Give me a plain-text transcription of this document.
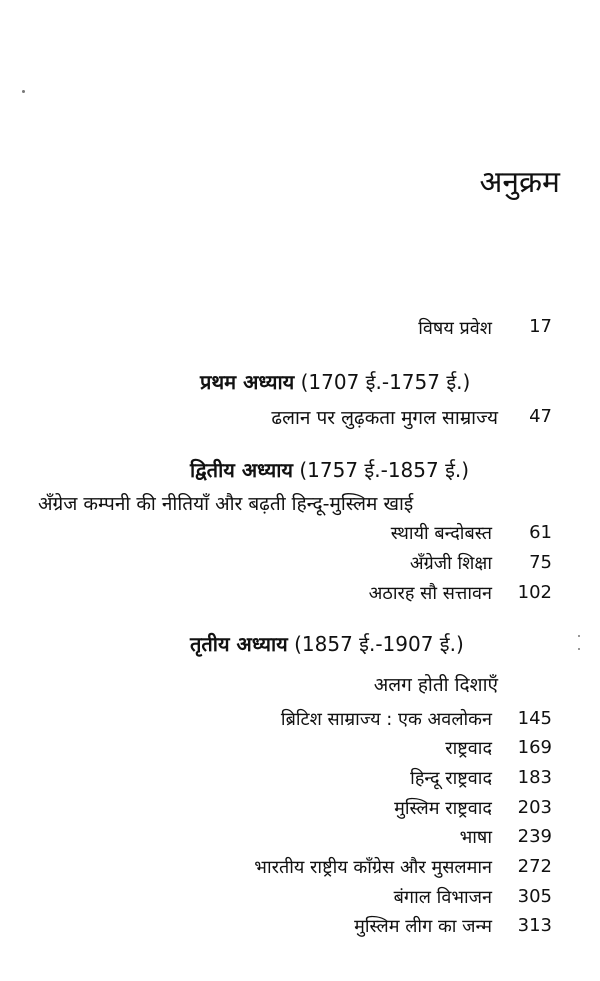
अनुक्रम
विषय प्रवेश	17
प्रथम अध्याय (1707 ई.-1757 ई.)
ढलान पर लुढ़कता मुगल साम्राज्य	47
द्वितीय अध्याय (1757 ई.-1857 ई.)
अँग्रेज कम्पनी की नीतियाँ और बढ़ती हिन्दू-मुस्लिम खाई
स्थायी बन्दोबस्त	61
अँग्रेजी शिक्षा	75
अठारह सौ सत्तावन	102
तृतीय अध्याय (1857 ई.-1907 ई.)
अलग होती दिशाएँ
ब्रिटिश साम्राज्य : एक अवलोकन	145
राष्ट्रवाद	169
हिन्दू राष्ट्रवाद	183
मुस्लिम राष्ट्रवाद	203
भाषा	239
भारतीय राष्ट्रीय काँग्रेस और मुसलमान	272
बंगाल विभाजन	305
मुस्लिम लीग का जन्म	313
